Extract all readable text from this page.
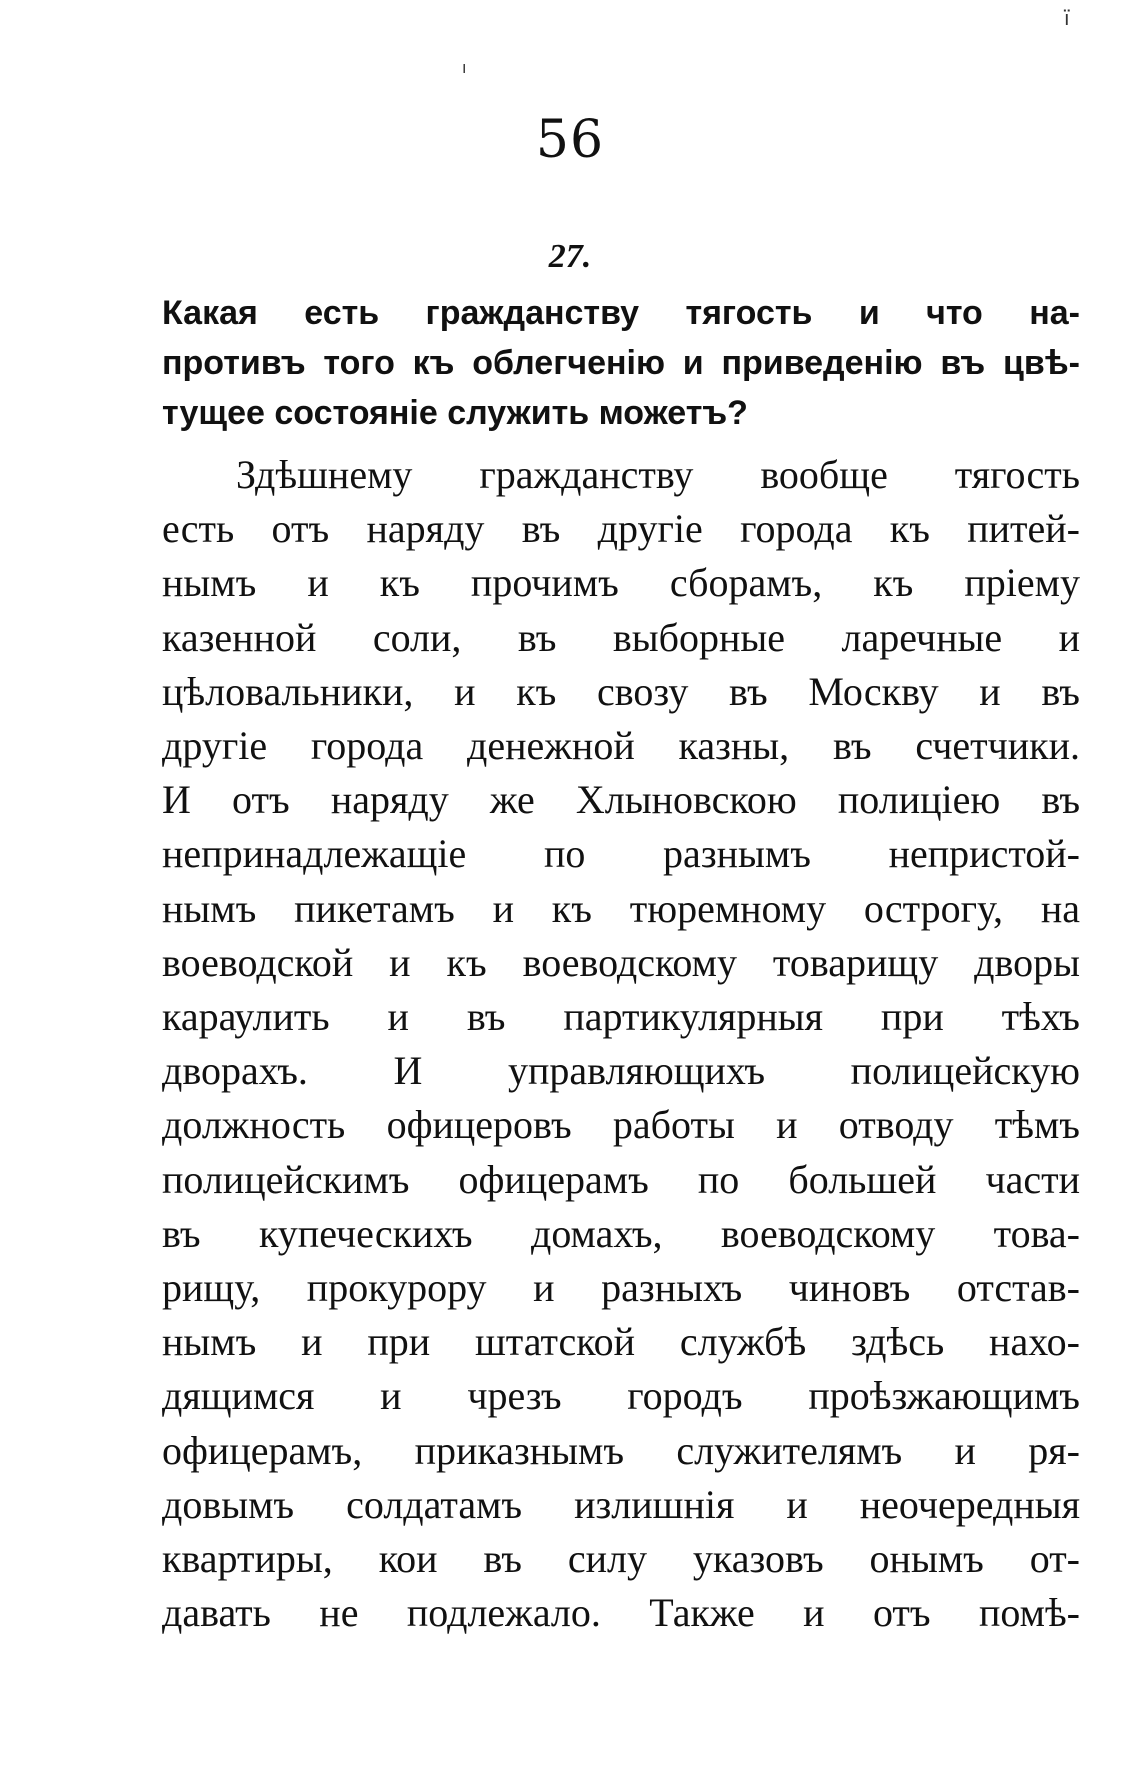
ї
ı
56
27.
Какая есть гражданству тягость и что на-
противъ того къ облегченію и приведенію въ цвѣ-
тущее состояніе служить можетъ?
Здѣшнему гражданству вообще тягость
есть отъ наряду въ другіе города къ питей-
нымъ и къ прочимъ сборамъ, къ пріему
казенной соли, въ выборные ларечные и
цѣловальники, и къ свозу въ Москву и въ
другіе города денежной казны, въ счетчики.
И отъ наряду же Хлыновскою полиціею въ
непринадлежащіе по разнымъ непристой-
нымъ пикетамъ и къ тюремному острогу, на
воеводской и къ воеводскому товарищу дворы
караулить и въ партикулярныя при тѣхъ
дворахъ. И управляющихъ полицейскую
должность офицеровъ работы и отводу тѣмъ
полицейскимъ офицерамъ по большей части
въ купеческихъ домахъ, воеводскому това-
рищу, прокурору и разныхъ чиновъ отстав-
нымъ и при штатской службѣ здѣсь нахо-
дящимся и чрезъ городъ проѣзжающимъ
офицерамъ, приказнымъ служителямъ и ря-
довымъ солдатамъ излишнія и неочередныя
квартиры, кои въ силу указовъ онымъ от-
давать не подлежало. Также и отъ помѣ-
